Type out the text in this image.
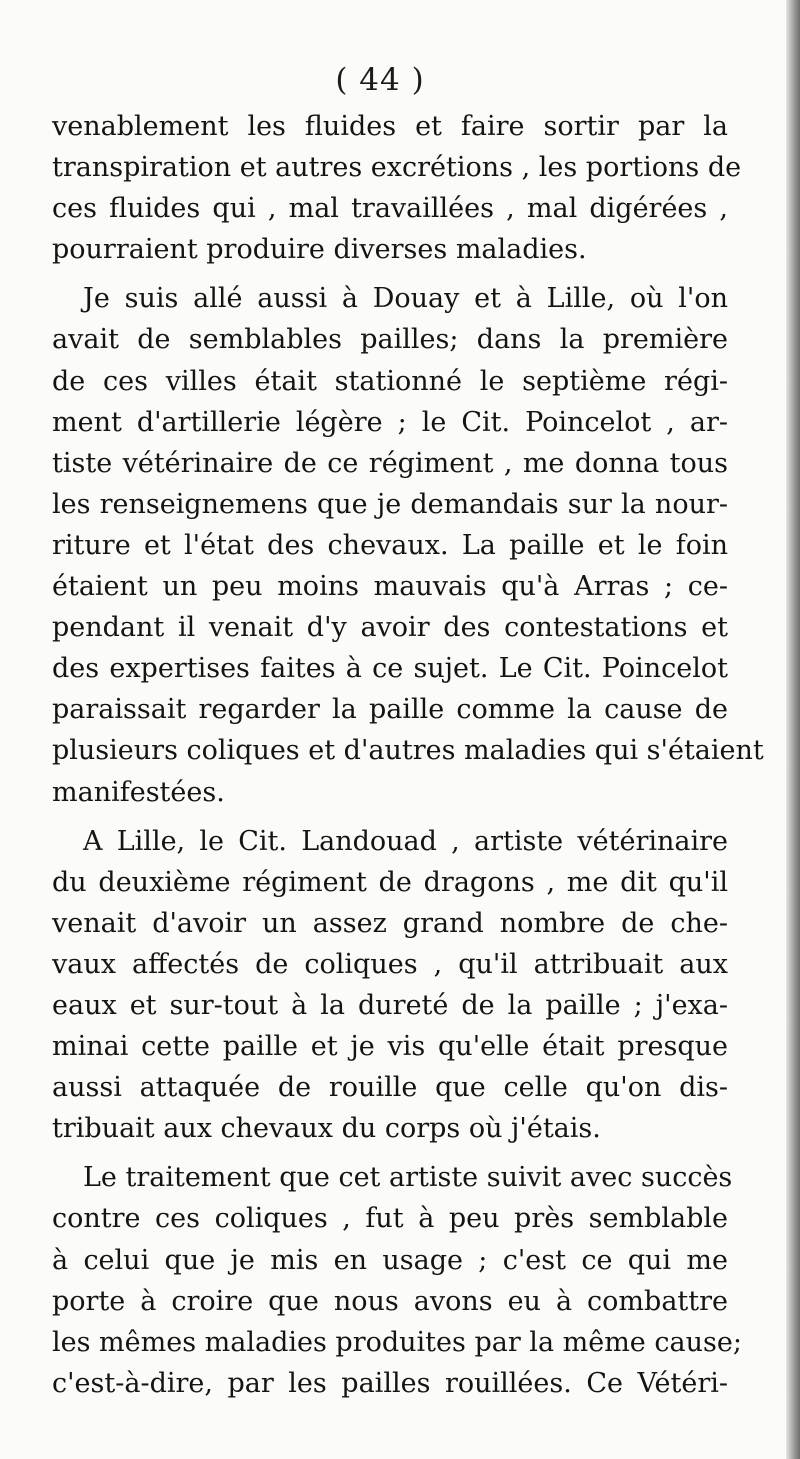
( 44 )
venablement les fluides et faire sortir par la
transpiration et autres excrétions , les portions de
ces fluides qui , mal travaillées , mal digérées ,
pourraient produire diverses maladies.
Je suis allé aussi à Douay et à Lille, où l'on
avait de semblables pailles; dans la première
de ces villes était stationné le septième régi-
ment d'artillerie légère ; le Cit. Poincelot , ar-
tiste vétérinaire de ce régiment , me donna tous
les renseignemens que je demandais sur la nour-
riture et l'état des chevaux. La paille et le foin
étaient un peu moins mauvais qu'à Arras ; ce-
pendant il venait d'y avoir des contestations et
des expertises faites à ce sujet. Le Cit. Poincelot
paraissait regarder la paille comme la cause de
plusieurs coliques et d'autres maladies qui s'étaient
manifestées.
A Lille, le Cit. Landouad , artiste vétérinaire
du deuxième régiment de dragons , me dit qu'il
venait d'avoir un assez grand nombre de che-
vaux affectés de coliques , qu'il attribuait aux
eaux et sur-tout à la dureté de la paille ; j'exa-
minai cette paille et je vis qu'elle était presque
aussi attaquée de rouille que celle qu'on dis-
tribuait aux chevaux du corps où j'étais.
Le traitement que cet artiste suivit avec succès
contre ces coliques , fut à peu près semblable
à celui que je mis en usage ; c'est ce qui me
porte à croire que nous avons eu à combattre
les mêmes maladies produites par la même cause;
c'est-à-dire, par les pailles rouillées. Ce Vétéri-
